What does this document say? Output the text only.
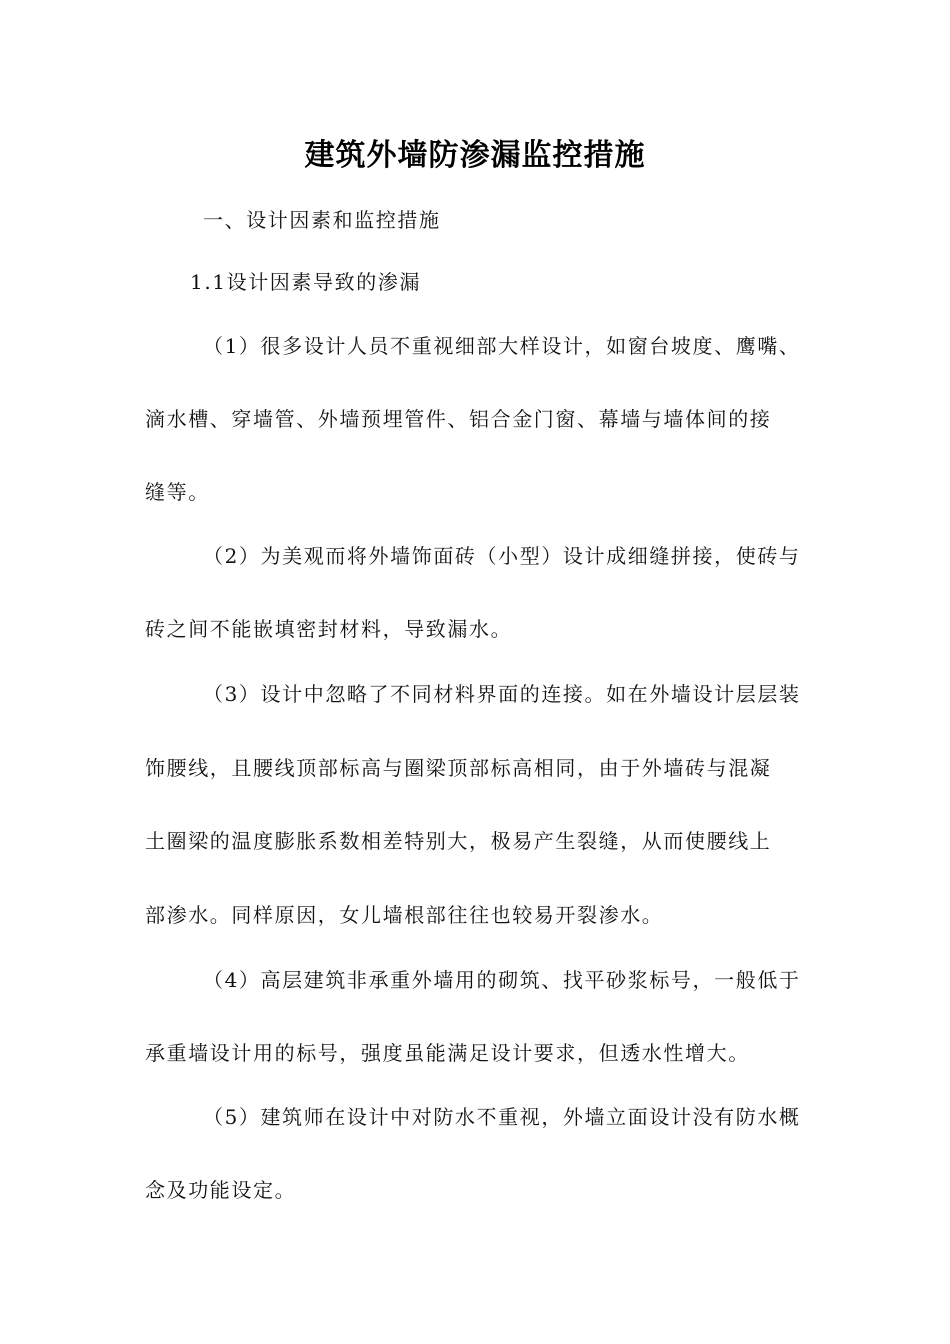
建筑外墙防渗漏监控措施
一、设计因素和监控措施
1.1设计因素导致的渗漏
（1）很多设计人员不重视细部大样设计，如窗台坡度、鹰嘴、
滴水槽、穿墙管、外墙预埋管件、铝合金门窗、幕墙与墙体间的接
缝等。
（2）为美观而将外墙饰面砖（小型）设计成细缝拼接，使砖与
砖之间不能嵌填密封材料，导致漏水。
（3）设计中忽略了不同材料界面的连接。如在外墙设计层层装
饰腰线，且腰线顶部标高与圈梁顶部标高相同，由于外墙砖与混凝
土圈梁的温度膨胀系数相差特别大，极易产生裂缝，从而使腰线上
部渗水。同样原因，女儿墙根部往往也较易开裂渗水。
（4）高层建筑非承重外墙用的砌筑、找平砂浆标号，一般低于
承重墙设计用的标号，强度虽能满足设计要求，但透水性增大。
（5）建筑师在设计中对防水不重视，外墙立面设计没有防水概
念及功能设定。
